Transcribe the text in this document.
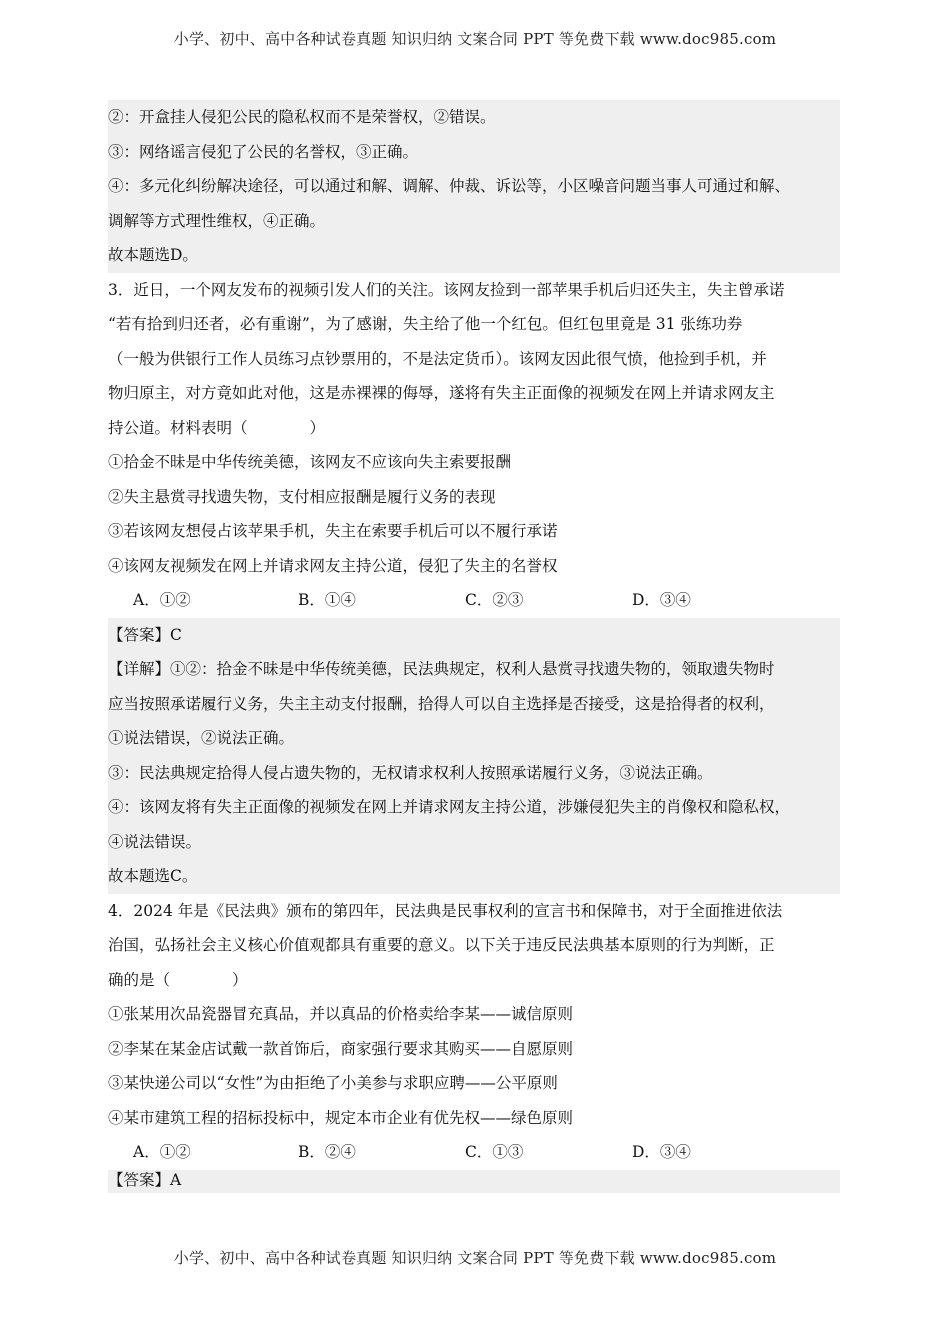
小学、初中、高中各种试卷真题 知识归纳 文案合同 PPT 等免费下载 www.doc985.com
②：开盒挂人侵犯公民的隐私权而不是荣誉权，②错误。
③：网络谣言侵犯了公民的名誉权，③正确。
④：多元化纠纷解决途径，可以通过和解、调解、仲裁、诉讼等，小区噪音问题当事人可通过和解、
调解等方式理性维权，④正确。
故本题选D。
3．近日，一个网友发布的视频引发人们的关注。该网友捡到一部苹果手机后归还失主，失主曾承诺
“若有拾到归还者，必有重谢”，为了感谢，失主给了他一个红包。但红包里竟是 31 张练功券
（一般为供银行工作人员练习点钞票用的，不是法定货币）。该网友因此很气愤，他捡到手机，并
物归原主，对方竟如此对他，这是赤裸裸的侮辱，遂将有失主正面像的视频发在网上并请求网友主
持公道。材料表明（　　　　）
①拾金不昧是中华传统美德，该网友不应该向失主索要报酬
②失主悬赏寻找遗失物，支付相应报酬是履行义务的表现
③若该网友想侵占该苹果手机，失主在索要手机后可以不履行承诺
④该网友视频发在网上并请求网友主持公道，侵犯了失主的名誉权
A．①②	B．①④	C．②③	D．③④
【答案】C
【详解】①②：拾金不昧是中华传统美德，民法典规定，权利人悬赏寻找遗失物的，领取遗失物时
应当按照承诺履行义务，失主主动支付报酬，拾得人可以自主选择是否接受，这是拾得者的权利，
①说法错误，②说法正确。
③：民法典规定拾得人侵占遗失物的，无权请求权利人按照承诺履行义务，③说法正确。
④：该网友将有失主正面像的视频发在网上并请求网友主持公道，涉嫌侵犯失主的肖像权和隐私权，
④说法错误。
故本题选C。
4．2024 年是《民法典》颁布的第四年，民法典是民事权利的宣言书和保障书，对于全面推进依法
治国，弘扬社会主义核心价值观都具有重要的意义。以下关于违反民法典基本原则的行为判断，正
确的是（　　　　）
①张某用次品瓷器冒充真品，并以真品的价格卖给李某——诚信原则
②李某在某金店试戴一款首饰后，商家强行要求其购买——自愿原则
③某快递公司以“女性”为由拒绝了小美参与求职应聘——公平原则
④某市建筑工程的招标投标中，规定本市企业有优先权——绿色原则
A．①②	B．②④	C．①③	D．③④
【答案】A
小学、初中、高中各种试卷真题 知识归纳 文案合同 PPT 等免费下载 www.doc985.com
